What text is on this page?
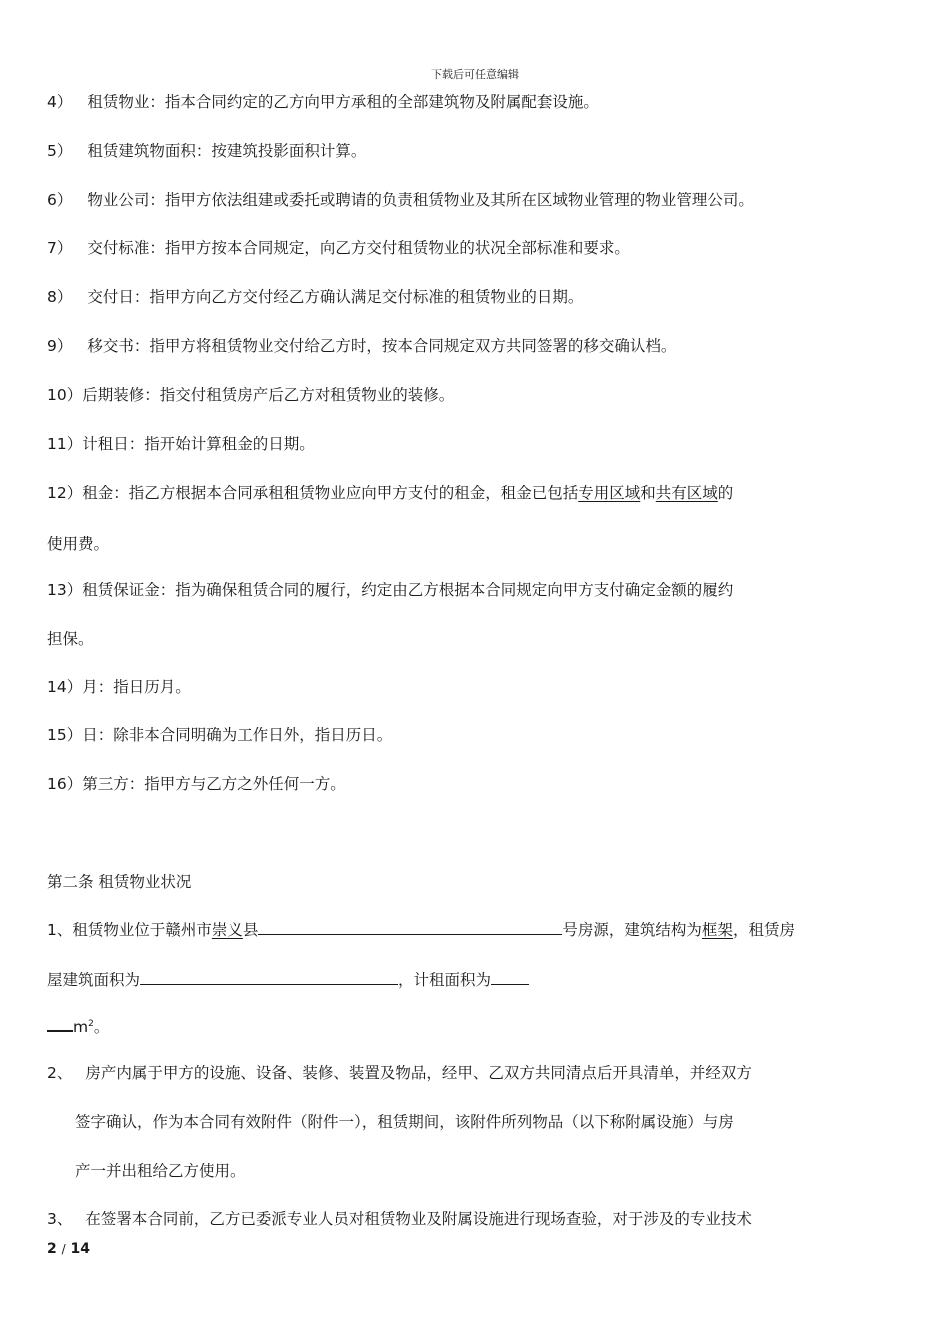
下载后可任意编辑
4） 租赁物业：指本合同约定的乙方向甲方承租的全部建筑物及附属配套设施。
5） 租赁建筑物面积：按建筑投影面积计算。
6） 物业公司：指甲方依法组建或委托或聘请的负责租赁物业及其所在区域物业管理的物业管理公司。
7） 交付标准：指甲方按本合同规定，向乙方交付租赁物业的状况全部标准和要求。
8） 交付日：指甲方向乙方交付经乙方确认满足交付标准的租赁物业的日期。
9） 移交书：指甲方将租赁物业交付给乙方时，按本合同规定双方共同签署的移交确认档。
10）后期装修：指交付租赁房产后乙方对租赁物业的装修。
11）计租日：指开始计算租金的日期。
12）租金：指乙方根据本合同承租租赁物业应向甲方支付的租金，租金已包括专用区域和共有区域的
使用费。
13）租赁保证金：指为确保租赁合同的履行，约定由乙方根据本合同规定向甲方支付确定金额的履约
担保。
14）月：指日历月。
15）日：除非本合同明确为工作日外，指日历日。
16）第三方：指甲方与乙方之外任何一方。
第二条 租赁物业状况
1、租赁物业位于赣州市崇义县	号房源，建筑结构为框架，租赁房
屋建筑面积为	，计租面积为
$m^2$。
2、 房产内属于甲方的设施、设备、装修、装置及物品，经甲、乙双方共同清点后开具清单，并经双方
签字确认，作为本合同有效附件（附件一），租赁期间，该附件所列物品（以下称附属设施）与房
产一并出租给乙方使用。
3、 在签署本合同前，乙方已委派专业人员对租赁物业及附属设施进行现场查验，对于涉及的专业技术
2 / 14
